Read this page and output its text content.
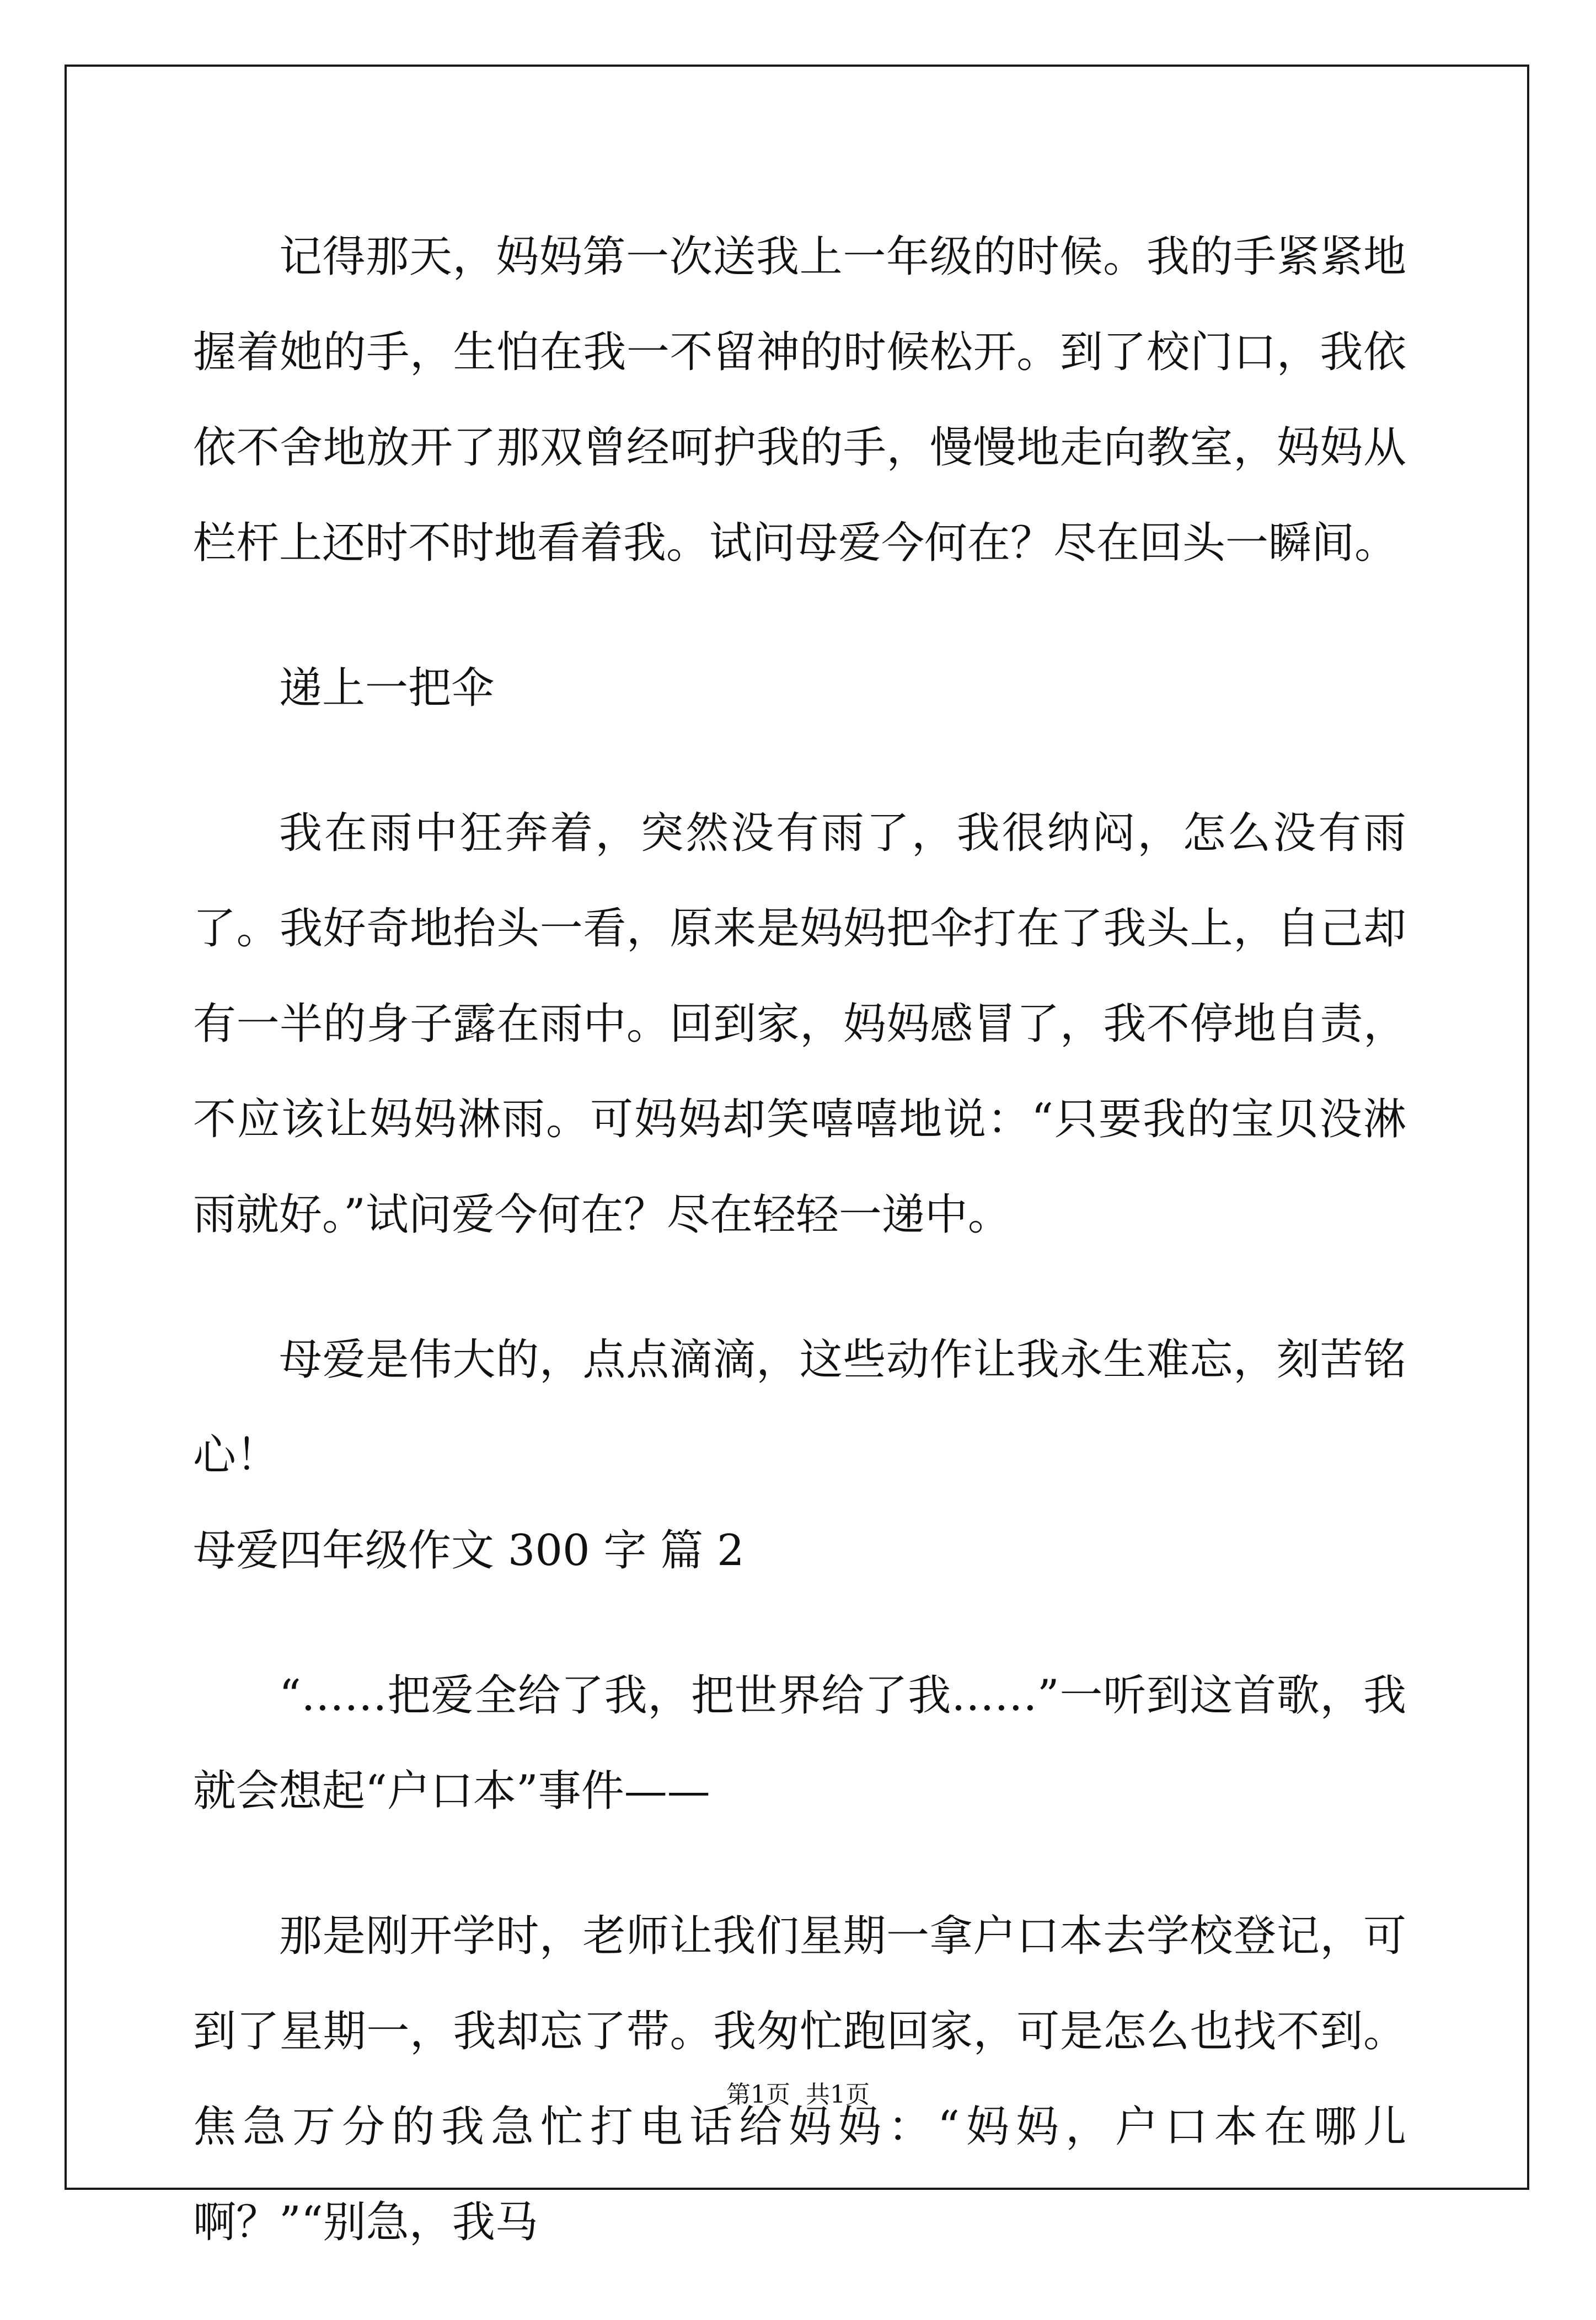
记得那天，妈妈第一次送我上一年级的时候。我的手紧紧地握着她的手，生怕在我一不留神的时候松开。到了校门口，我依依不舍地放开了那双曾经呵护我的手，慢慢地走向教室，妈妈从栏杆上还时不时地看着我。试问母爱今何在？尽在回头一瞬间。

递上一把伞

我在雨中狂奔着，突然没有雨了，我很纳闷，怎么没有雨了。我好奇地抬头一看，原来是妈妈把伞打在了我头上，自己却有一半的身子露在雨中。回到家，妈妈感冒了，我不停地自责，不应该让妈妈淋雨。可妈妈却笑嘻嘻地说：“只要我的宝贝没淋雨就好。”试问爱今何在？尽在轻轻一递中。

母爱是伟大的，点点滴滴，这些动作让我永生难忘，刻苦铭心！

母爱四年级作文 300 字 篇 2

“……把爱全给了我，把世界给了我……”一听到这首歌，我就会想起“户口本”事件——

那是刚开学时，老师让我们星期一拿户口本去学校登记，可到了星期一，我却忘了带。我匆忙跑回家，可是怎么也找不到。焦急万分的我急忙打电话给妈妈：“妈妈，户口本在哪儿啊？”“别急，我马

第1页 共1页
